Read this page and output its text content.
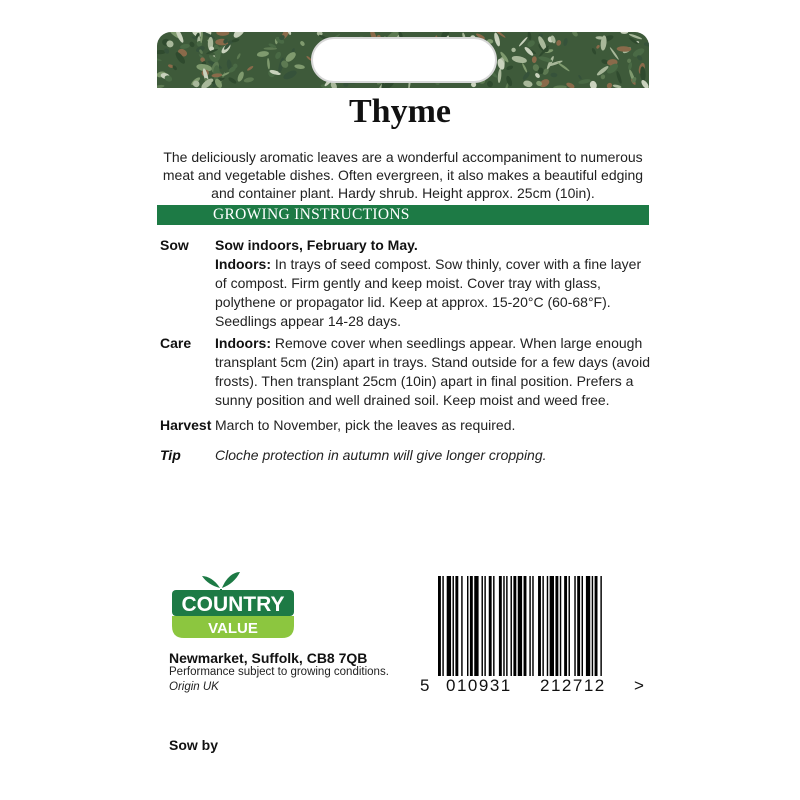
Thyme
The deliciously aromatic leaves are a wonderful accompaniment to numerous meat and vegetable dishes. Often evergreen, it also makes a beautiful edging and container plant. Hardy shrub. Height approx. 25cm (10in).
GROWING INSTRUCTIONS
Sow Sow indoors, February to May.
Indoors: In trays of seed compost. Sow thinly, cover with a fine layer of compost. Firm gently and keep moist. Cover tray with glass, polythene or propagator lid. Keep at approx. 15-20°C (60-68°F). Seedlings appear 14-28 days.
Care Indoors: Remove cover when seedlings appear. When large enough transplant 5cm (2in) apart in trays. Stand outside for a few days (avoid frosts). Then transplant 25cm (10in) apart in final position. Prefers a sunny position and well drained soil. Keep moist and weed free.
Harvest March to November, pick the leaves as required.
Tip Cloche protection in autumn will give longer cropping.
COUNTRY
VALUE
Newmarket, Suffolk, CB8 7QB
Performance subject to growing conditions.
Origin UK	5 010931 212712 >
Sow by
